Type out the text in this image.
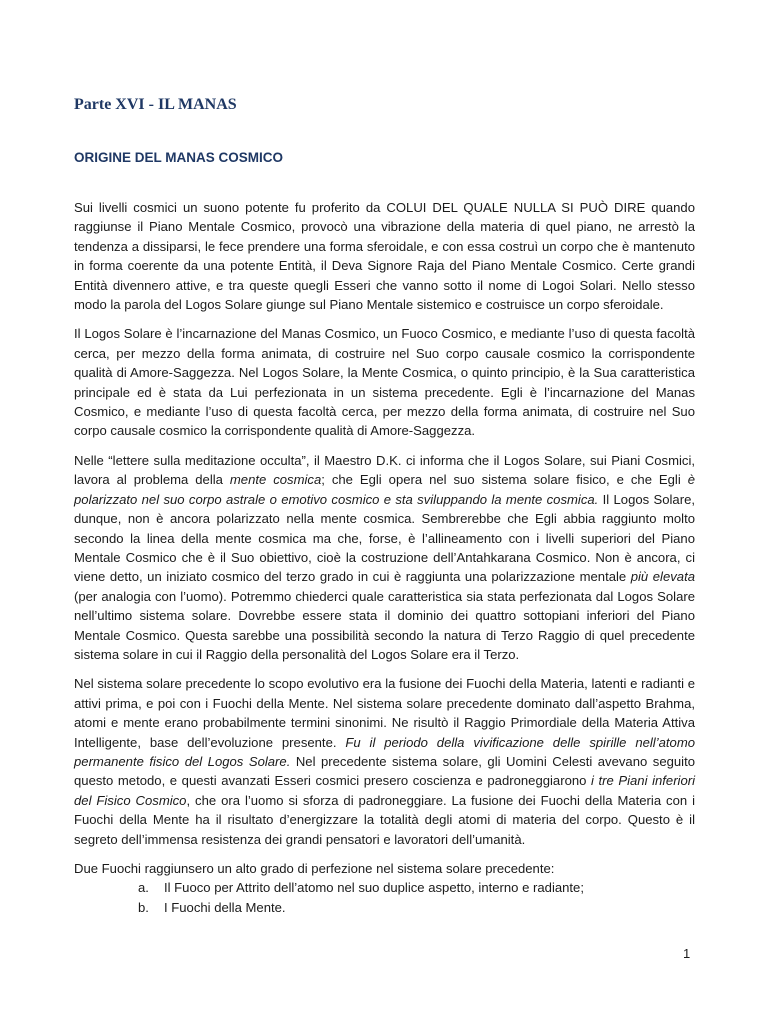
Parte XVI - IL MANAS
ORIGINE DEL MANAS COSMICO

Sui livelli cosmici un suono potente fu proferito da COLUI DEL QUALE NULLA SI PUÒ DIRE quando raggiunse il Piano Mentale Cosmico, provocò una vibrazione della materia di quel piano, ne arrestò la tendenza a dissiparsi, le fece prendere una forma sferoidale, e con essa costruì un corpo che è mantenuto in forma coerente da una potente Entità, il Deva Signore Raja del Piano Mentale Cosmico. Certe grandi Entità divennero attive, e tra queste quegli Esseri che vanno sotto il nome di Logoi Solari. Nello stesso modo la parola del Logos Solare giunge sul Piano Mentale sistemico e costruisce un corpo sferoidale.

Il Logos Solare è l’incarnazione del Manas Cosmico, un Fuoco Cosmico, e mediante l’uso di questa facoltà cerca, per mezzo della forma animata, di costruire nel Suo corpo causale cosmico la corrispondente qualità di Amore-Saggezza. Nel Logos Solare, la Mente Cosmica, o quinto principio, è la Sua caratteristica principale ed è stata da Lui perfezionata in un sistema precedente. Egli è l’incarnazione del Manas Cosmico, e mediante l’uso di questa facoltà cerca, per mezzo della forma animata, di costruire nel Suo corpo causale cosmico la corrispondente qualità di Amore-Saggezza.

Nelle “lettere sulla meditazione occulta”, il Maestro D.K. ci informa che il Logos Solare, sui Piani Cosmici, lavora al problema della mente cosmica; che Egli opera nel suo sistema solare fisico, e che Egli è polarizzato nel suo corpo astrale o emotivo cosmico e sta sviluppando la mente cosmica. Il Logos Solare, dunque, non è ancora polarizzato nella mente cosmica. Sembrerebbe che Egli abbia raggiunto molto secondo la linea della mente cosmica ma che, forse, è l’allineamento con i livelli superiori del Piano Mentale Cosmico che è il Suo obiettivo, cioè la costruzione dell’Antahkarana Cosmico. Non è ancora, ci viene detto, un iniziato cosmico del terzo grado in cui è raggiunta una polarizzazione mentale più elevata (per analogia con l’uomo). Potremmo chiederci quale caratteristica sia stata perfezionata dal Logos Solare nell’ultimo sistema solare. Dovrebbe essere stata il dominio dei quattro sottopiani inferiori del Piano Mentale Cosmico. Questa sarebbe una possibilità secondo la natura di Terzo Raggio di quel precedente sistema solare in cui il Raggio della personalità del Logos Solare era il Terzo.

Nel sistema solare precedente lo scopo evolutivo era la fusione dei Fuochi della Materia, latenti e radianti e attivi prima, e poi con i Fuochi della Mente. Nel sistema solare precedente dominato dall’aspetto Brahma, atomi e mente erano probabilmente termini sinonimi. Ne risultò il Raggio Primordiale della Materia Attiva Intelligente, base dell’evoluzione presente. Fu il periodo della vivificazione delle spirille nell’atomo permanente fisico del Logos Solare. Nel precedente sistema solare, gli Uomini Celesti avevano seguito questo metodo, e questi avanzati Esseri cosmici presero coscienza e padroneggiarono i tre Piani inferiori del Fisico Cosmico, che ora l’uomo si sforza di padroneggiare. La fusione dei Fuochi della Materia con i Fuochi della Mente ha il risultato d’energizzare la totalità degli atomi di materia del corpo. Questo è il segreto dell’immensa resistenza dei grandi pensatori e lavoratori dell’umanità.

Due Fuochi raggiunsero un alto grado di perfezione nel sistema solare precedente:

a.	Il Fuoco per Attrito dell’atomo nel suo duplice aspetto, interno e radiante;
b.	I Fuochi della Mente.
1
